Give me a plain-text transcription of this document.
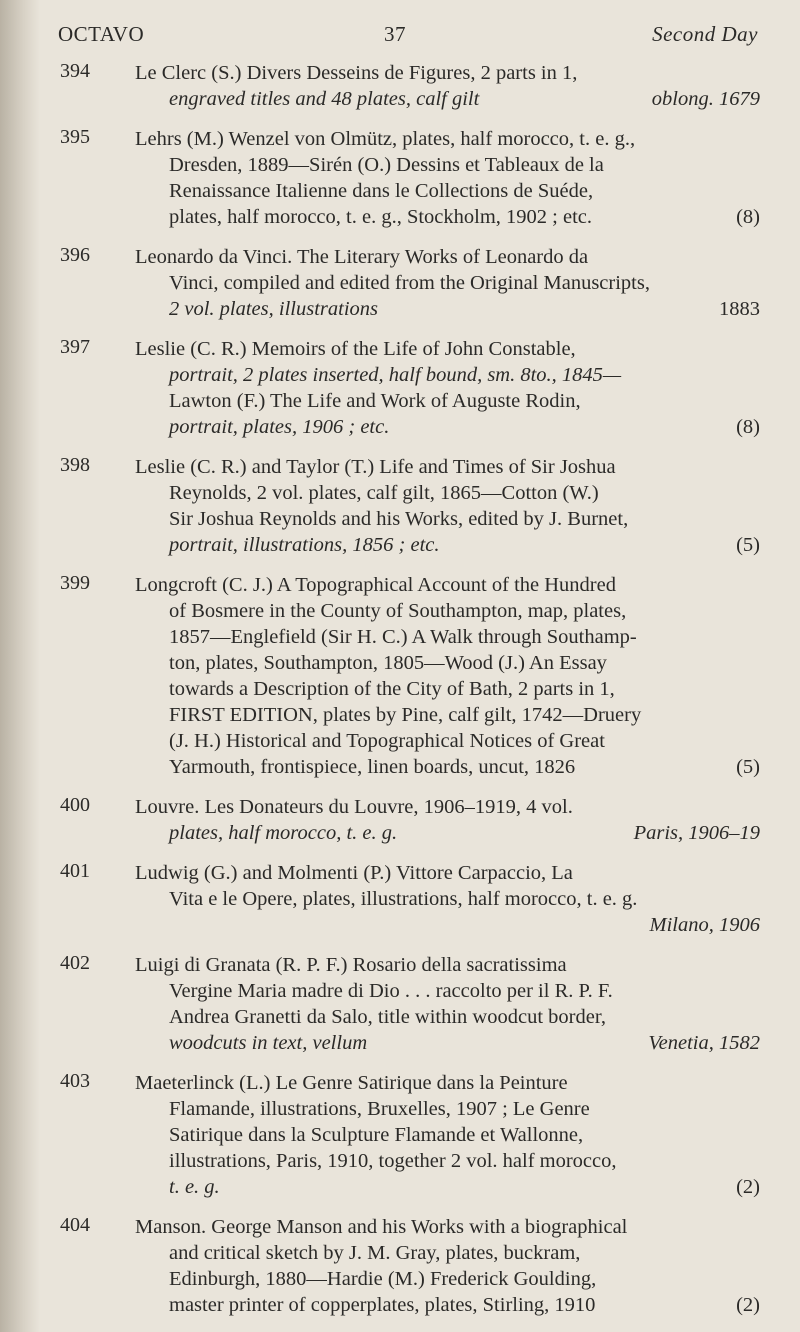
OCTAVO	37	Second Day
394	Le Clerc (S.) Divers Desseins de Figures, 2 parts in 1,
engraved titles and 48 plates, calf gilt	oblong. 1679
395	Lehrs (M.) Wenzel von Olmütz, plates, half morocco, t. e. g.,
Dresden, 1889—Sirén (O.) Dessins et Tableaux de la
Renaissance Italienne dans le Collections de Suéde,
plates, half morocco, t. e. g., Stockholm, 1902 ; etc.	(8)
396	Leonardo da Vinci. The Literary Works of Leonardo da
Vinci, compiled and edited from the Original Manuscripts,
2 vol. plates, illustrations	1883
397	Leslie (C. R.) Memoirs of the Life of John Constable,
portrait, 2 plates inserted, half bound, sm. 8to., 1845—
Lawton (F.) The Life and Work of Auguste Rodin,
portrait, plates, 1906 ; etc.	(8)
398	Leslie (C. R.) and Taylor (T.) Life and Times of Sir Joshua
Reynolds, 2 vol. plates, calf gilt, 1865—Cotton (W.)
Sir Joshua Reynolds and his Works, edited by J. Burnet,
portrait, illustrations, 1856 ; etc.	(5)
399	Longcroft (C. J.) A Topographical Account of the Hundred
of Bosmere in the County of Southampton, map, plates,
1857—Englefield (Sir H. C.) A Walk through Southamp-
ton, plates, Southampton, 1805—Wood (J.) An Essay
towards a Description of the City of Bath, 2 parts in 1,
FIRST EDITION, plates by Pine, calf gilt, 1742—Druery
(J. H.) Historical and Topographical Notices of Great
Yarmouth, frontispiece, linen boards, uncut, 1826	(5)
400	Louvre. Les Donateurs du Louvre, 1906–1919, 4 vol.
plates, half morocco, t. e. g.	Paris, 1906–19
401	Ludwig (G.) and Molmenti (P.) Vittore Carpaccio, La
Vita e le Opere, plates, illustrations, half morocco, t. e. g.
Milano, 1906
402	Luigi di Granata (R. P. F.) Rosario della sacratissima
Vergine Maria madre di Dio . . . raccolto per il R. P. F.
Andrea Granetti da Salo, title within woodcut border,
woodcuts in text, vellum	Venetia, 1582
403	Maeterlinck (L.) Le Genre Satirique dans la Peinture
Flamande, illustrations, Bruxelles, 1907 ; Le Genre
Satirique dans la Sculpture Flamande et Wallonne,
illustrations, Paris, 1910, together 2 vol. half morocco,
t. e. g.	(2)
404	Manson. George Manson and his Works with a biographical
and critical sketch by J. M. Gray, plates, buckram,
Edinburgh, 1880—Hardie (M.) Frederick Goulding,
master printer of copperplates, plates, Stirling, 1910	(2)
